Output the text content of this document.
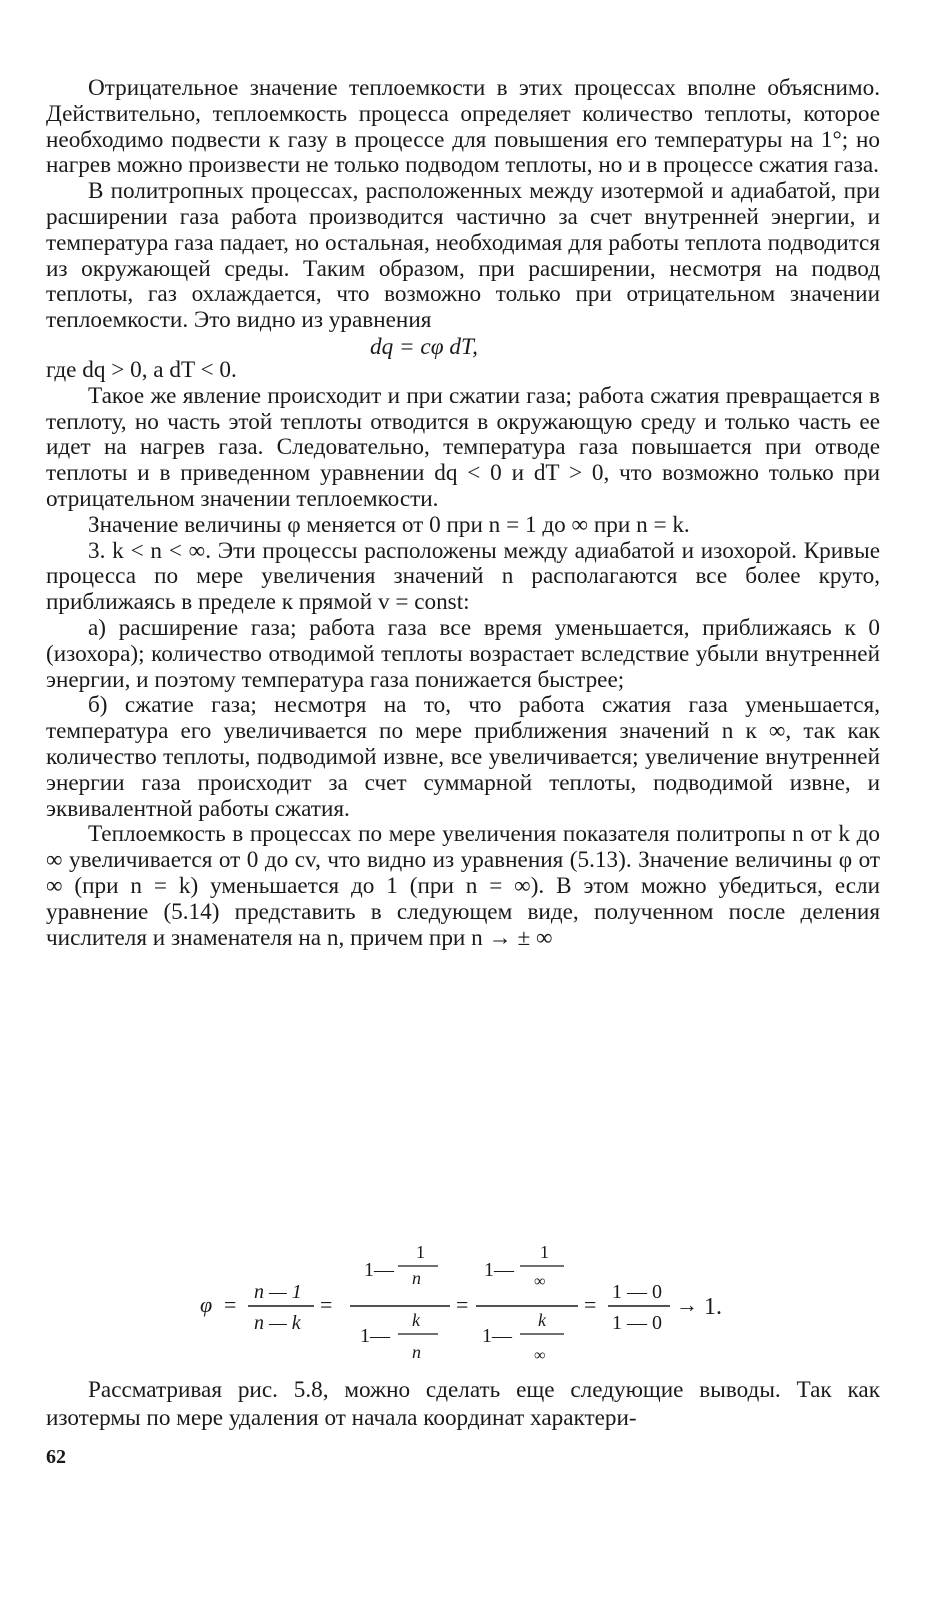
Отрицательное значение теплоемкости в этих процессах вполне объяснимо. Действительно, теплоемкость процесса определяет количество теплоты, которое необходимо подвести к газу в процессе для повышения его температуры на 1°; но нагрев можно произвести не только подводом теплоты, но и в процессе сжатия газа.

В политропных процессах, расположенных между изотермой и адиабатой, при расширении газа работа производится частично за счет внутренней энергии, и температура газа падает, но остальная, необходимая для работы теплота подводится из окружающей среды. Таким образом, при расширении, несмотря на подвод теплоты, газ охлаждается, что возможно только при отрицательном значении теплоемкости. Это видно из уравнения

dq = cφ dT,

где dq > 0, а dT < 0.

Такое же явление происходит и при сжатии газа; работа сжатия превращается в теплоту, но часть этой теплоты отводится в окружающую среду и только часть ее идет на нагрев газа. Следовательно, температура газа повышается при отводе теплоты и в приведенном уравнении dq < 0 и dT > 0, что возможно только при отрицательном значении теплоемкости.

Значение величины φ меняется от 0 при n = 1 до ∞ при n = k.

3. k < n < ∞. Эти процессы расположены между адиабатой и изохорой. Кривые процесса по мере увеличения значений n располагаются все более круто, приближаясь в пределе к прямой v = const:

а) расширение газа; работа газа все время уменьшается, приближаясь к 0 (изохора); количество отводимой теплоты возрастает вследствие убыли внутренней энергии, и поэтому температура газа понижается быстрее;

б) сжатие газа; несмотря на то, что работа сжатия газа уменьшается, температура его увеличивается по мере приближения значений n к ∞, так как количество теплоты, подводимой извне, все увеличивается; увеличение внутренней энергии газа происходит за счет суммарной теплоты, подводимой извне, и эквивалентной работы сжатия.

Теплоемкость в процессах по мере увеличения показателя политропы n от k до ∞ увеличивается от 0 до cv, что видно из уравнения (5.13). Значение величины φ от ∞ (при n = k) уменьшается до 1 (при n = ∞). В этом можно убедиться, если уравнение (5.14) представить в следующем виде, полученном после деления числителя и знаменателя на n, причем при n → ± ∞

φ = n — 1
n — k
=
1 —
1
n
1 —
k
n
=
1 —
1
∞
1 —
k
∞
= 1 — 0
1 — 0
→ 1.

Рассматривая рис. 5.8, можно сделать еще следующие выводы. Так как изотермы по мере удаления от начала координат характери-

62
